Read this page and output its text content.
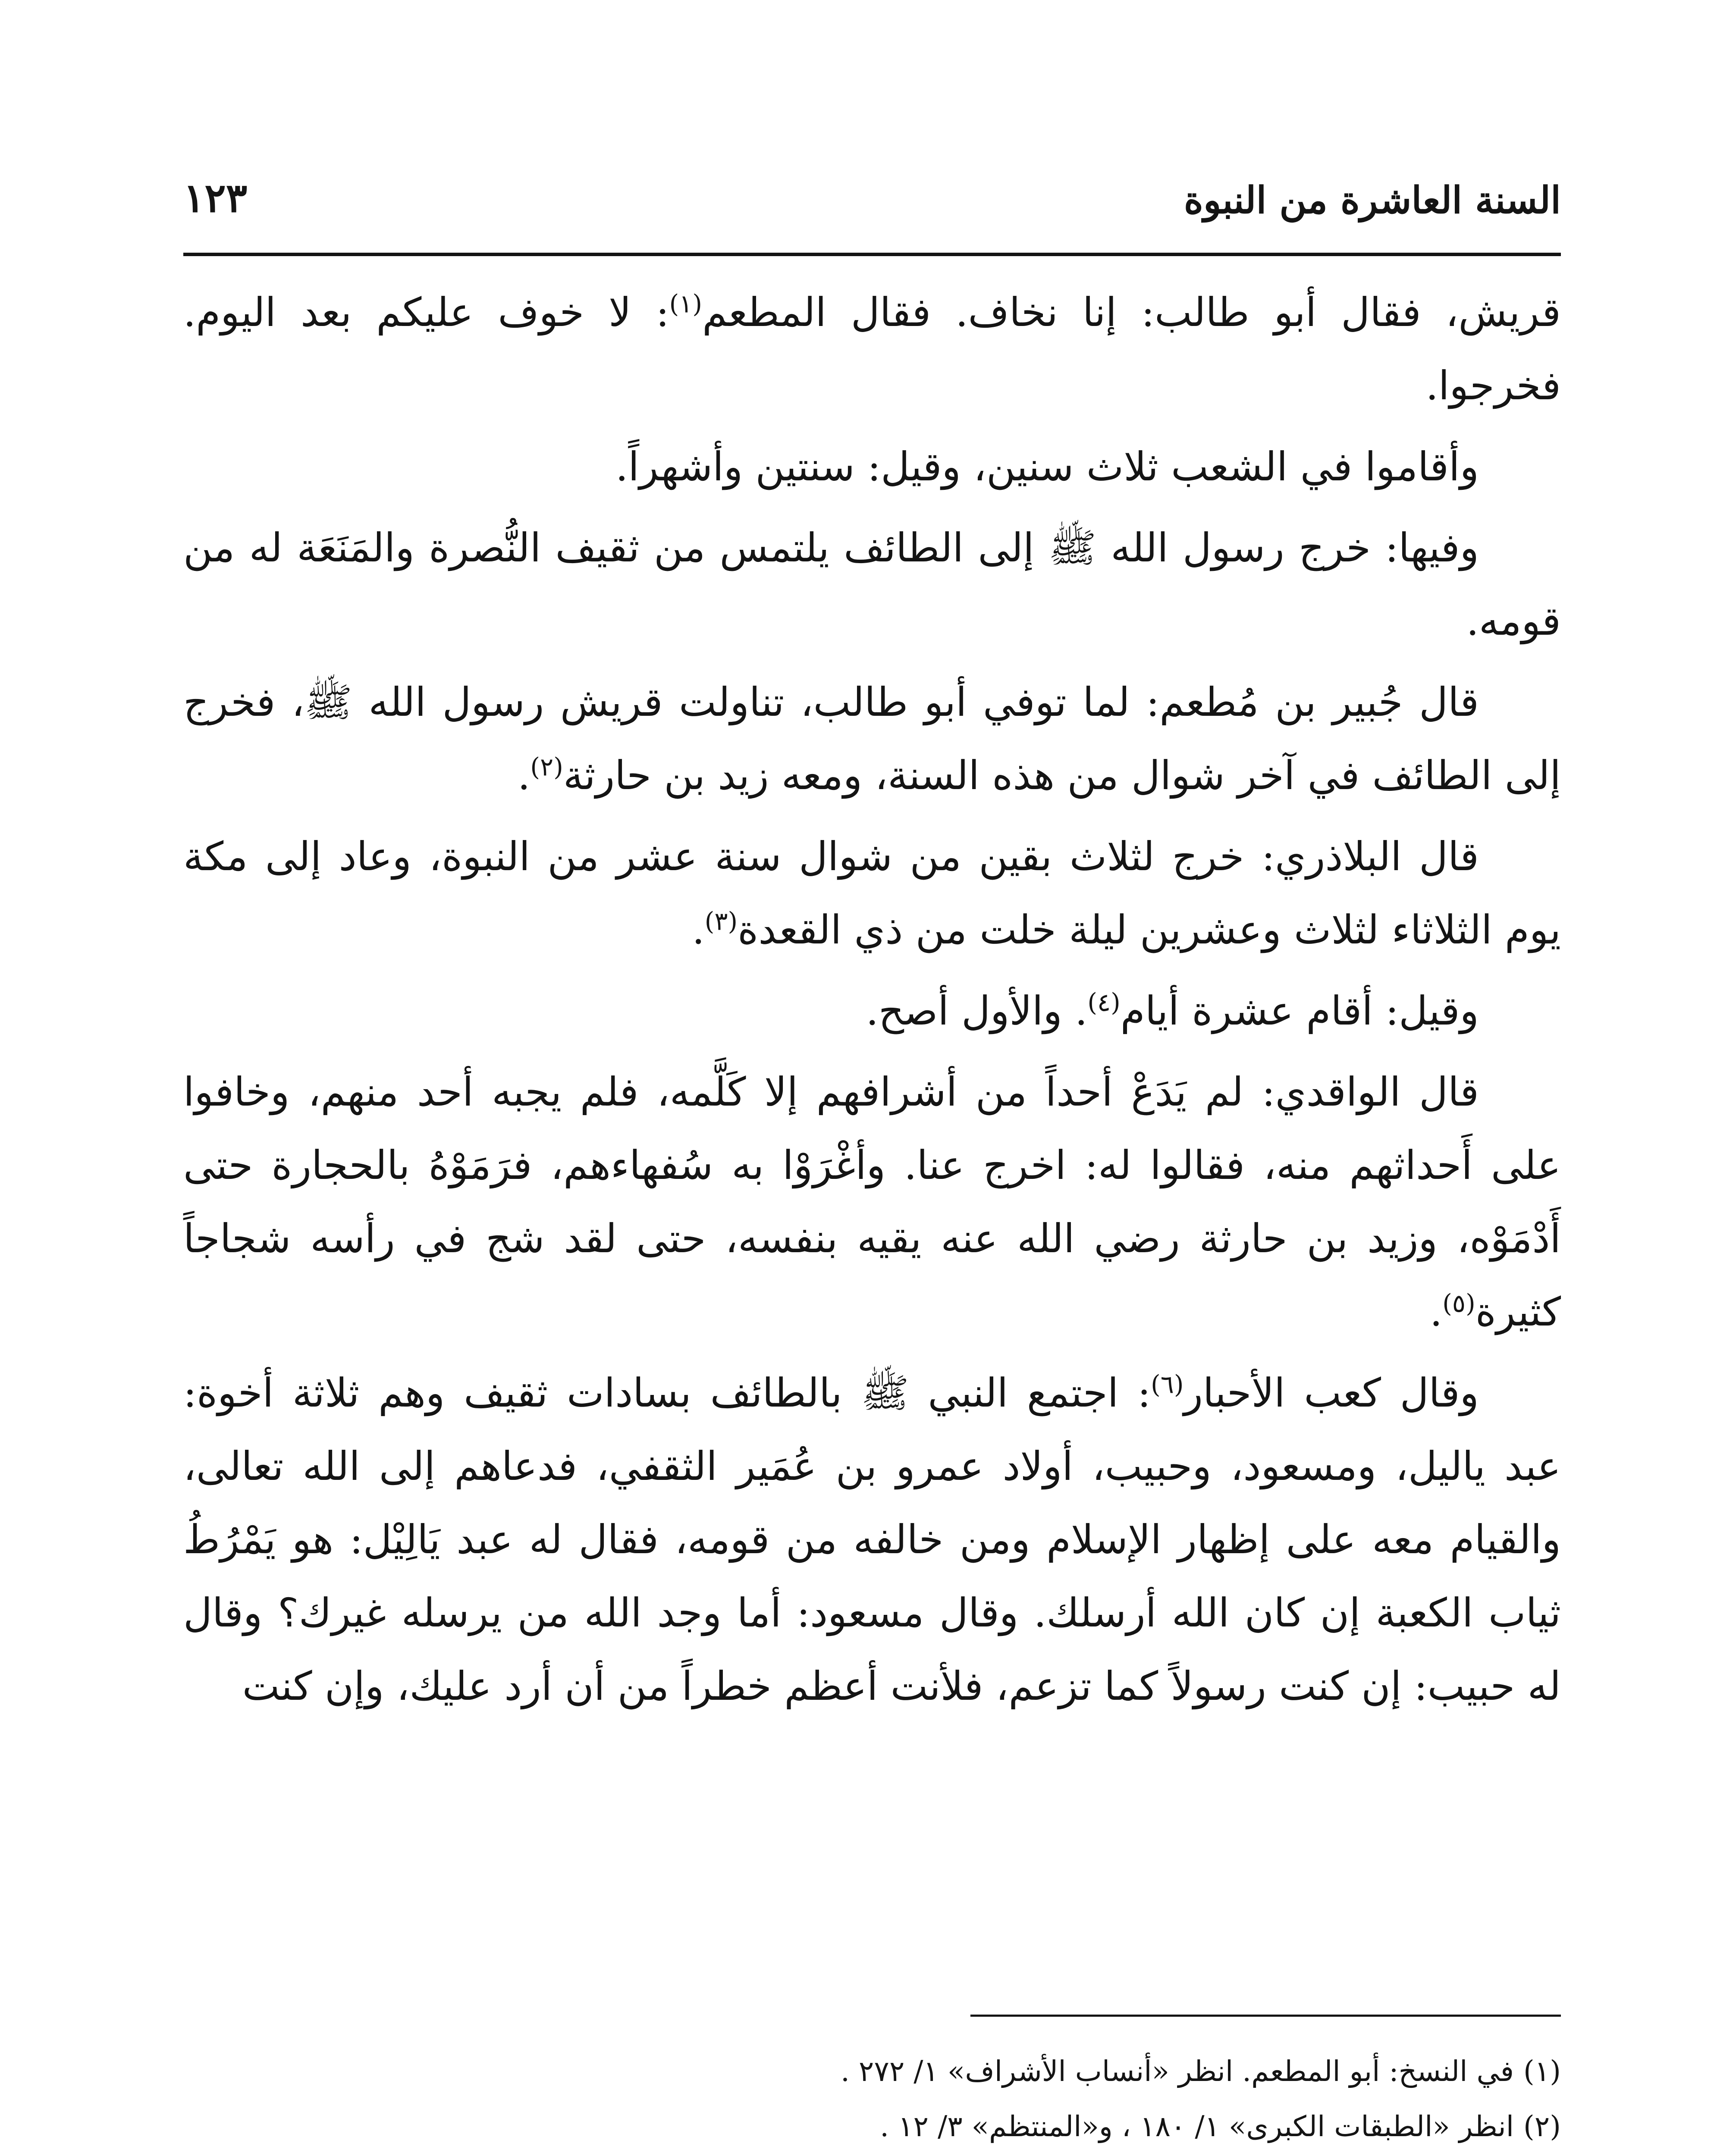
السنة العاشرة من النبوة
١٢٣

قريش، فقال أبو طالب: إنا نخاف. فقال المطعم$^{(١)}$: لا خوف عليكم بعد اليوم. فخرجوا.

وأقاموا في الشعب ثلاث سنين، وقيل: سنتين وأشهراً.

وفيها: خرج رسول الله ﷺ إلى الطائف يلتمس من ثقيف النُّصرة والمَنَعَة له من قومه.

قال جُبير بن مُطعم: لما توفي أبو طالب، تناولت قريش رسول الله ﷺ، فخرج إلى الطائف في آخر شوال من هذه السنة، ومعه زيد بن حارثة$^{(٢)}$.

قال البلاذري: خرج لثلاث بقين من شوال سنة عشر من النبوة، وعاد إلى مكة يوم الثلاثاء لثلاث وعشرين ليلة خلت من ذي القعدة$^{(٣)}$.

وقيل: أقام عشرة أيام$^{(٤)}$. والأول أصح.

قال الواقدي: لم يَدَعْ أحداً من أشرافهم إلا كَلَّمه، فلم يجبه أحد منهم، وخافوا على أَحداثهم منه، فقالوا له: اخرج عنا. وأغْرَوْا به سُفهاءهم، فرَمَوْهُ بالحجارة حتى أَدْمَوْه، وزيد بن حارثة رضي الله عنه يقيه بنفسه، حتى لقد شج في رأسه شجاجاً كثيرة$^{(٥)}$.

وقال كعب الأحبار$^{(٦)}$: اجتمع النبي ﷺ بالطائف بسادات ثقيف وهم ثلاثة أخوة: عبد ياليل، ومسعود، وحبيب، أولاد عمرو بن عُمَير الثقفي، فدعاهم إلى الله تعالى، والقيام معه على إظهار الإسلام ومن خالفه من قومه، فقال له عبد يَالِيْل: هو يَمْرُطُ ثياب الكعبة إن كان الله أرسلك. وقال مسعود: أما وجد الله من يرسله غيرك؟ وقال له حبيب: إن كنت رسولاً كما تزعم، فلأنت أعظم خطراً من أن أرد عليك، وإن كنت

(١)في النسخ: أبو المطعم. انظر «أنساب الأشراف» ١/ ٢٧٢ .
(٢)انظر «الطبقات الكبرى» ١/ ١٨٠ ، و«المنتظم» ٣/ ١٢ .
